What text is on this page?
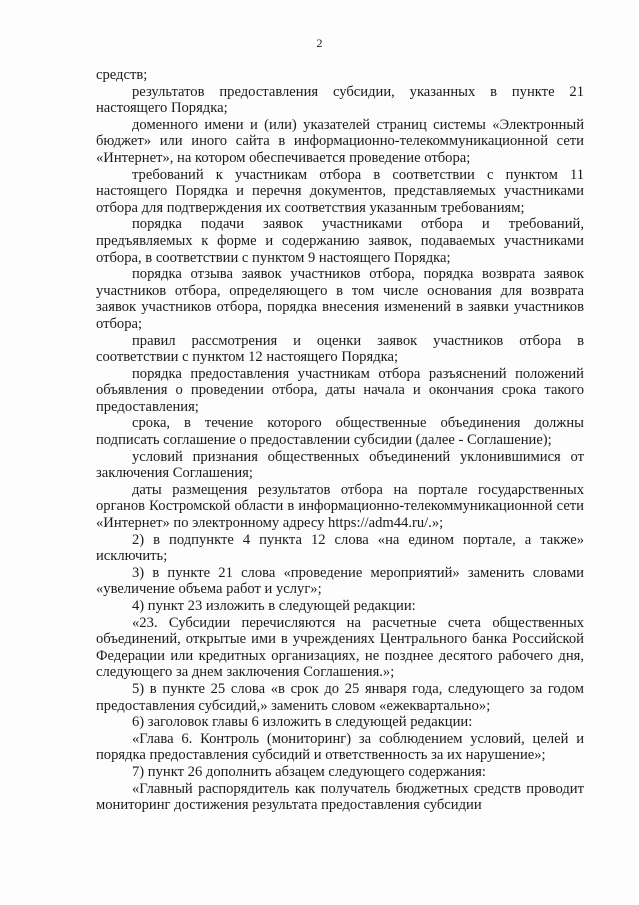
2

средств;

результатов предоставления субсидии, указанных в пункте 21 настоящего Порядка;

доменного имени и (или) указателей страниц системы «Электронный бюджет» или иного сайта в информационно-телекоммуникационной сети «Интернет», на котором обеспечивается проведение отбора;

требований к участникам отбора в соответствии с пунктом 11 настоящего Порядка и перечня документов, представляемых участниками отбора для подтверждения их соответствия указанным требованиям;

порядка подачи заявок участниками отбора и требований, предъявляемых к форме и содержанию заявок, подаваемых участниками отбора, в соответствии с пунктом 9 настоящего Порядка;

порядка отзыва заявок участников отбора, порядка возврата заявок участников отбора, определяющего в том числе основания для возврата заявок участников отбора, порядка внесения изменений в заявки участников отбора;

правил рассмотрения и оценки заявок участников отбора в соответствии с пунктом 12 настоящего Порядка;

порядка предоставления участникам отбора разъяснений положений объявления о проведении отбора, даты начала и окончания срока такого предоставления;

срока, в течение которого общественные объединения должны подписать соглашение о предоставлении субсидии (далее - Соглашение);

условий признания общественных объединений уклонившимися от заключения Соглашения;

даты размещения результатов отбора на портале государственных органов Костромской области в информационно-телекоммуникационной сети «Интернет» по электронному адресу https://adm44.ru/.»;

2) в подпункте 4 пункта 12 слова «на едином портале, а также» исключить;

3) в пункте 21 слова «проведение мероприятий» заменить словами «увеличение объема работ и услуг»;

4) пункт 23 изложить в следующей редакции:

«23. Субсидии перечисляются на расчетные счета общественных объединений, открытые ими в учреждениях Центрального банка Российской Федерации или кредитных организациях, не позднее десятого рабочего дня, следующего за днем заключения Соглашения.»;

5) в пункте 25 слова «в срок до 25 января года, следующего за годом предоставления субсидий,» заменить словом «ежеквартально»;

6) заголовок главы 6 изложить в следующей редакции:

«Глава 6. Контроль (мониторинг) за соблюдением условий, целей и порядка предоставления субсидий и ответственность за их нарушение»;

7) пункт 26 дополнить абзацем следующего содержания:

«Главный распорядитель как получатель бюджетных средств проводит мониторинг достижения результата предоставления субсидии
